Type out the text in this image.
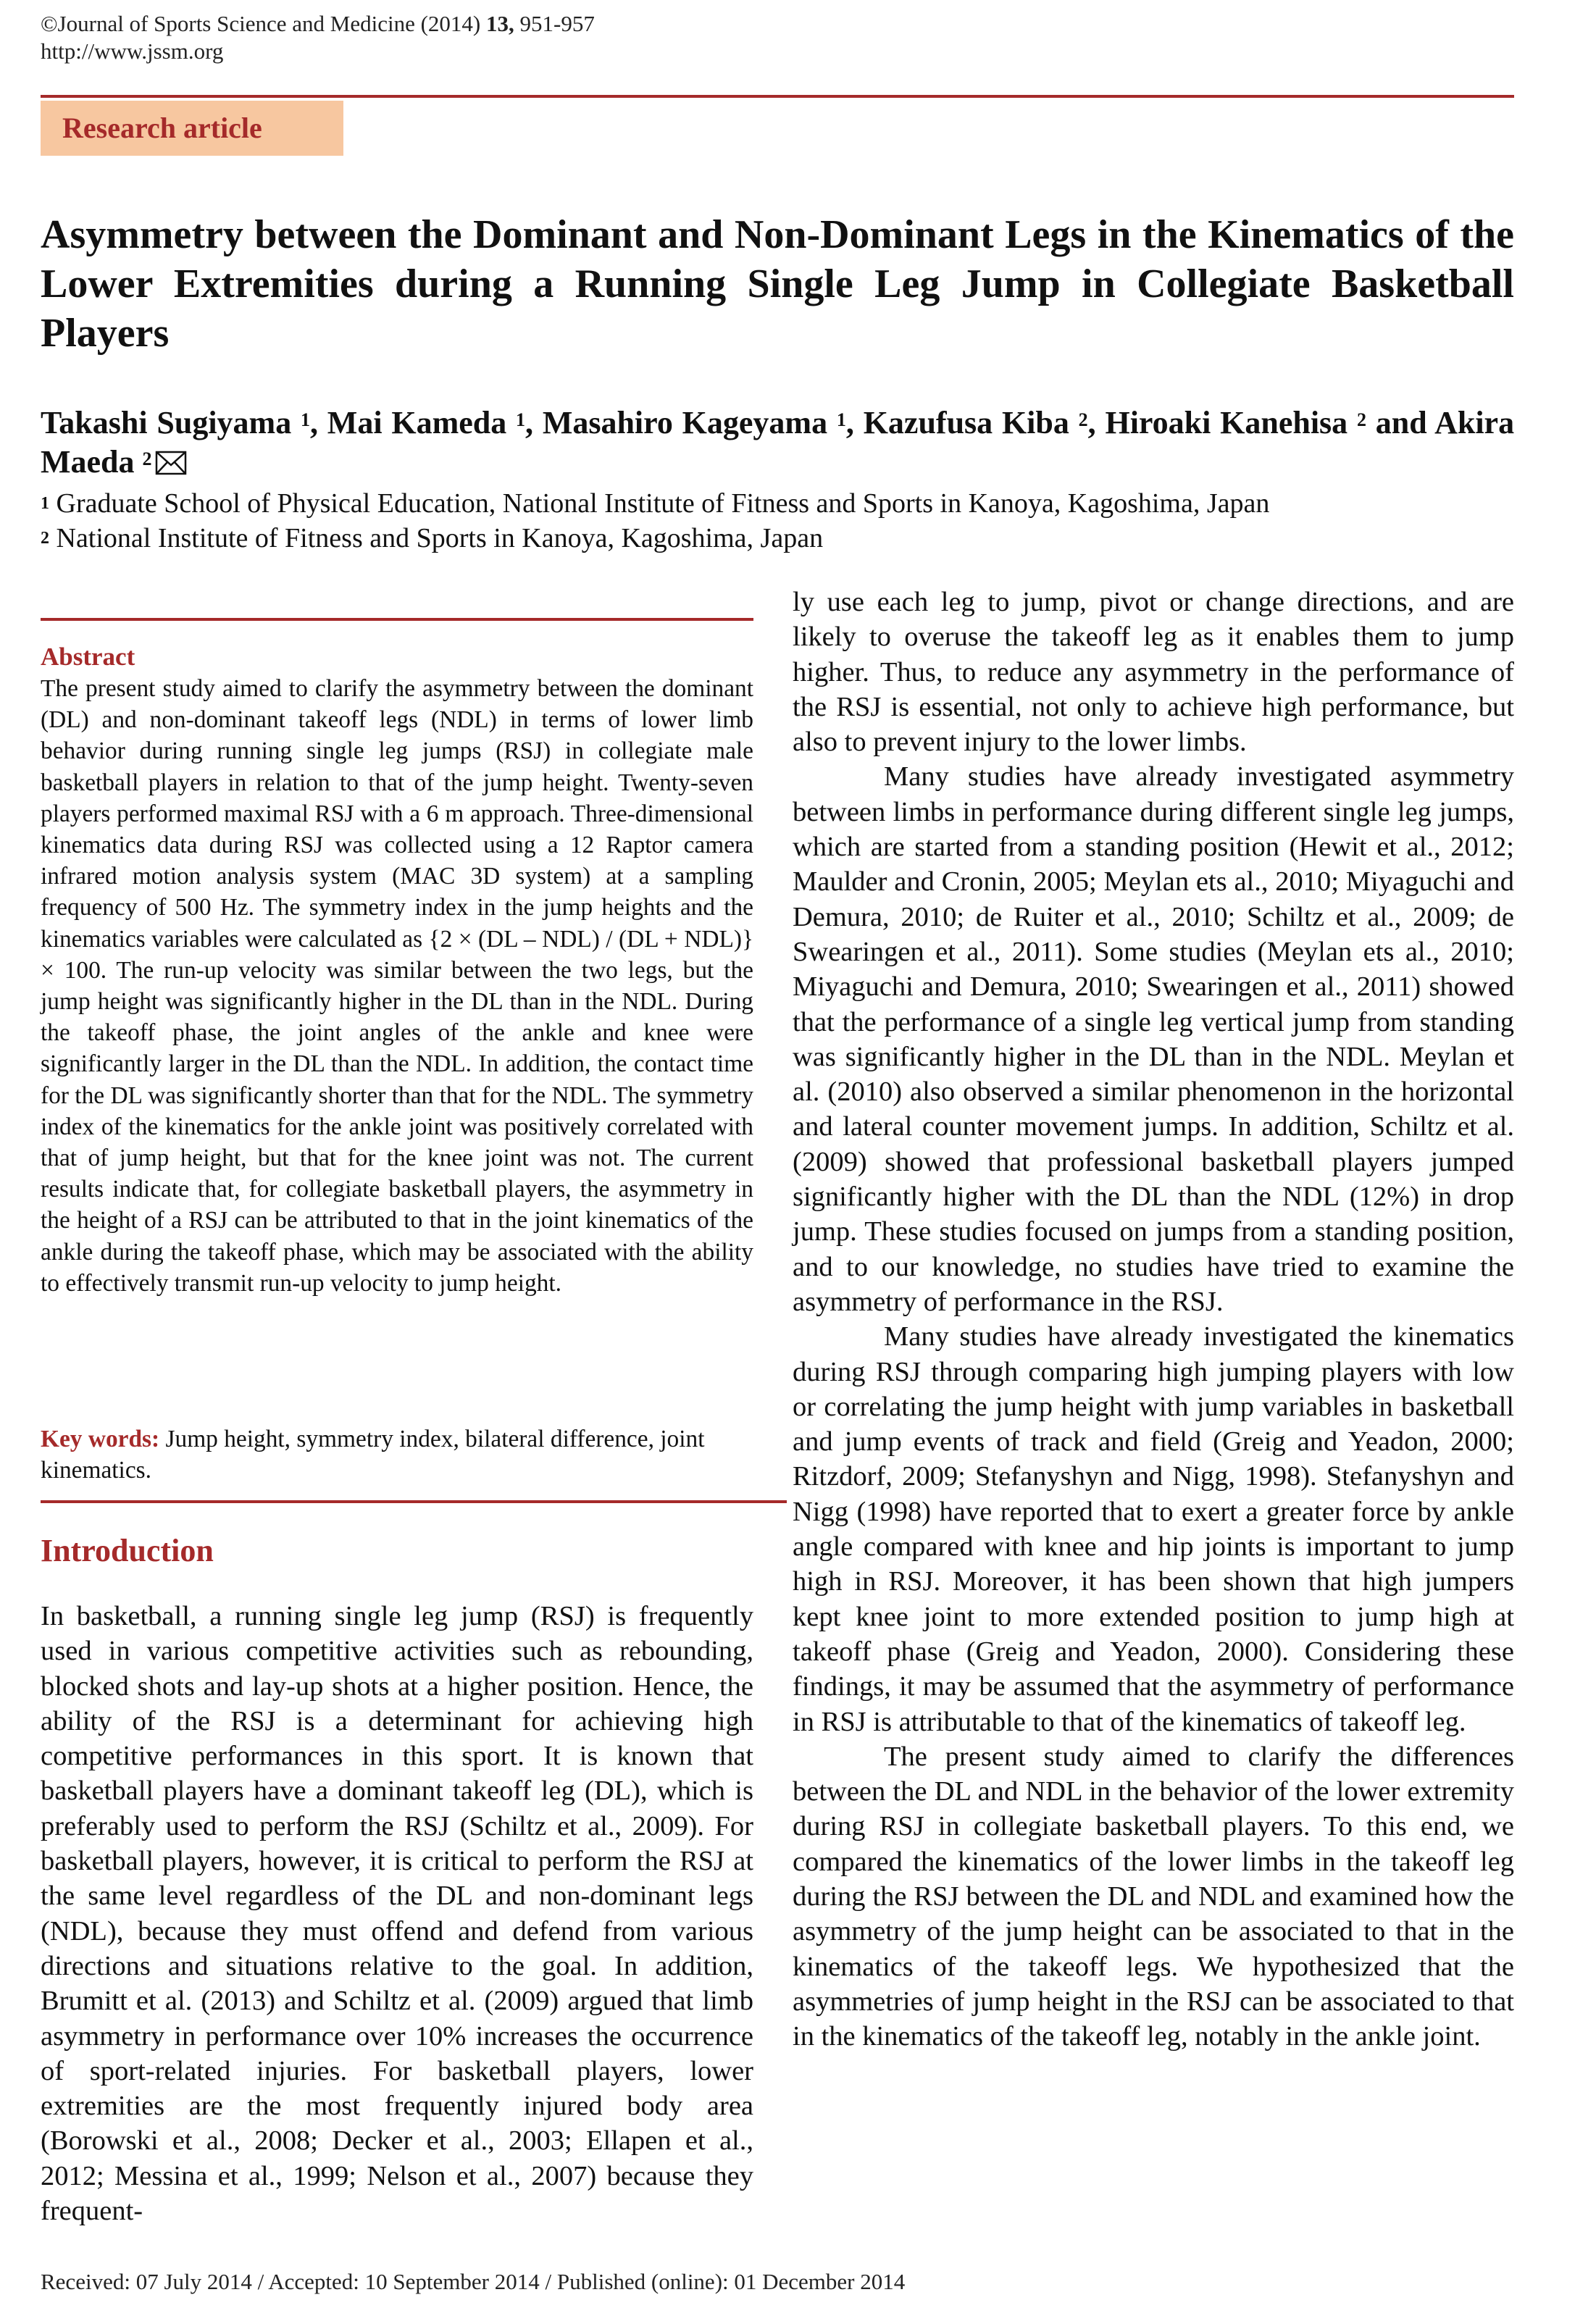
©Journal of Sports Science and Medicine (2014) 13, 951-957
http://www.jssm.org
Research article
Asymmetry between the Dominant and Non-Dominant Legs in the Kinematics of the Lower Extremities during a Running Single Leg Jump in Collegiate Basketball Players
Takashi Sugiyama $^1$, Mai Kameda $^1$, Masahiro Kageyama $^1$, Kazufusa Kiba $^2$, Hiroaki Kanehisa $^2$ and Akira Maeda $^2$
$^1$ Graduate School of Physical Education, National Institute of Fitness and Sports in Kanoya, Kagoshima, Japan
$^2$ National Institute of Fitness and Sports in Kanoya, Kagoshima, Japan
Abstract
The present study aimed to clarify the asymmetry between the dominant (DL) and non-dominant takeoff legs (NDL) in terms of lower limb behavior during running single leg jumps (RSJ) in collegiate male basketball players in relation to that of the jump height. Twenty-seven players performed maximal RSJ with a 6 m approach. Three-dimensional kinematics data during RSJ was collected using a 12 Raptor camera infrared motion analysis system (MAC 3D system) at a sampling frequency of 500 Hz. The symmetry index in the jump heights and the kinematics variables were calculated as {2 × (DL – NDL) / (DL + NDL)} × 100. The run-up velocity was similar between the two legs, but the jump height was significantly higher in the DL than in the NDL. During the takeoff phase, the joint angles of the ankle and knee were significantly larger in the DL than the NDL. In addition, the contact time for the DL was significantly shorter than that for the NDL. The symmetry index of the kinematics for the ankle joint was positively correlated with that of jump height, but that for the knee joint was not. The current results indicate that, for collegiate basketball players, the asymmetry in the height of a RSJ can be attributed to that in the joint kinematics of the ankle during the takeoff phase, which may be associated with the ability to effectively transmit run-up velocity to jump height.
Key words: Jump height, symmetry index, bilateral difference, joint kinematics.
Introduction

In basketball, a running single leg jump (RSJ) is frequently used in various competitive activities such as rebounding, blocked shots and lay-up shots at a higher position. Hence, the ability of the RSJ is a determinant for achieving high competitive performances in this sport. It is known that basketball players have a dominant takeoff leg (DL), which is preferably used to perform the RSJ (Schiltz et al., 2009). For basketball players, however, it is critical to perform the RSJ at the same level regardless of the DL and non-dominant legs (NDL), because they must offend and defend from various directions and situations relative to the goal. In addition, Brumitt et al. (2013) and Schiltz et al. (2009) argued that limb asymmetry in performance over 10% increases the occurrence of sport-related injuries. For basketball players, lower extremities are the most frequently injured body area (Borowski et al., 2008; Decker et al., 2003; Ellapen et al., 2012; Messina et al., 1999; Nelson et al., 2007) because they frequent-

ly use each leg to jump, pivot or change directions, and are likely to overuse the takeoff leg as it enables them to jump higher. Thus, to reduce any asymmetry in the performance of the RSJ is essential, not only to achieve high performance, but also to prevent injury to the lower limbs.

Many studies have already investigated asymmetry between limbs in performance during different single leg jumps, which are started from a standing position (Hewit et al., 2012; Maulder and Cronin, 2005; Meylan ets al., 2010; Miyaguchi and Demura, 2010; de Ruiter et al., 2010; Schiltz et al., 2009; de Swearingen et al., 2011). Some studies (Meylan ets al., 2010; Miyaguchi and Demura, 2010; Swearingen et al., 2011) showed that the performance of a single leg vertical jump from standing was significantly higher in the DL than in the NDL. Meylan et al. (2010) also observed a similar phenomenon in the horizontal and lateral counter movement jumps. In addition, Schiltz et al. (2009) showed that professional basketball players jumped significantly higher with the DL than the NDL (12%) in drop jump. These studies focused on jumps from a standing position, and to our knowledge, no studies have tried to examine the asymmetry of performance in the RSJ.

Many studies have already investigated the kinematics during RSJ through comparing high jumping players with low or correlating the jump height with jump variables in basketball and jump events of track and field (Greig and Yeadon, 2000; Ritzdorf, 2009; Stefanyshyn and Nigg, 1998). Stefanyshyn and Nigg (1998) have reported that to exert a greater force by ankle angle compared with knee and hip joints is important to jump high in RSJ. Moreover, it has been shown that high jumpers kept knee joint to more extended position to jump high at takeoff phase (Greig and Yeadon, 2000). Considering these findings, it may be assumed that the asymmetry of performance in RSJ is attributable to that of the kinematics of takeoff leg.

The present study aimed to clarify the differences between the DL and NDL in the behavior of the lower extremity during RSJ in collegiate basketball players. To this end, we compared the kinematics of the lower limbs in the takeoff leg during the RSJ between the DL and NDL and examined how the asymmetry of the jump height can be associated to that in the kinematics of the takeoff legs. We hypothesized that the asymmetries of jump height in the RSJ can be associated to that in the kinematics of the takeoff leg, notably in the ankle joint.

Received: 07 July 2014 / Accepted: 10 September 2014 / Published (online): 01 December 2014
